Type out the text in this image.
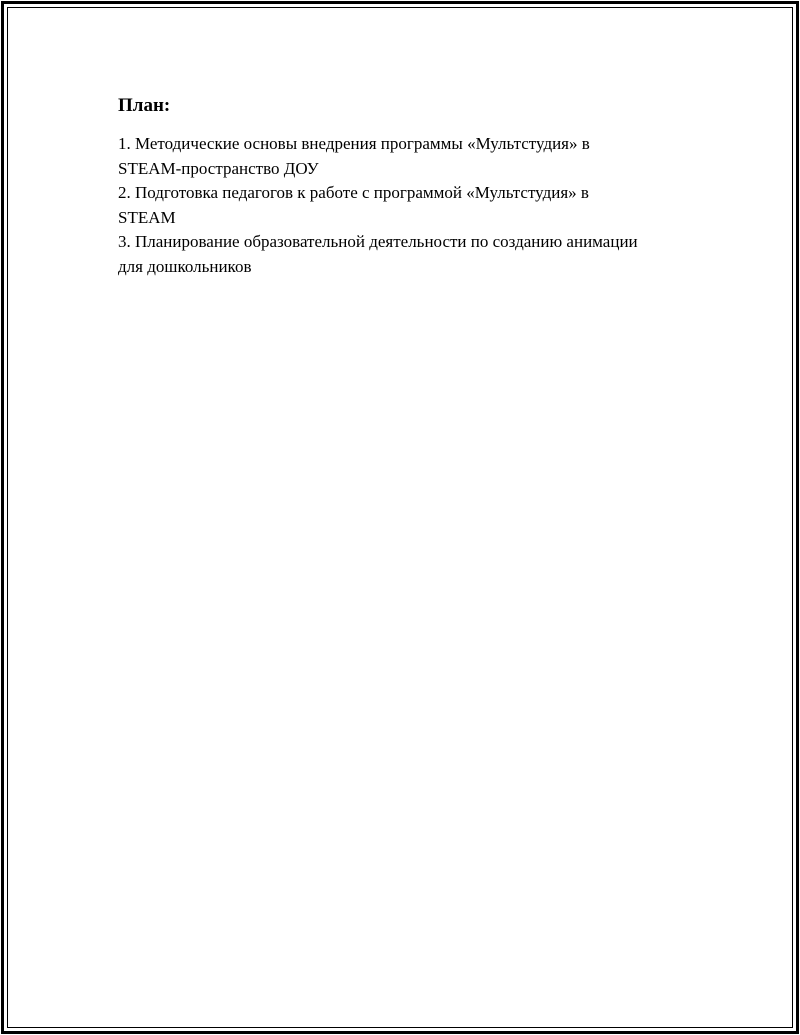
План:
1. Методические основы внедрения программы «Мультстудия» в
STEAM-пространство ДОУ
2. Подготовка педагогов к работе с программой «Мультстудия» в
STEAM
3. Планирование образовательной деятельности по созданию анимации
для дошкольников
